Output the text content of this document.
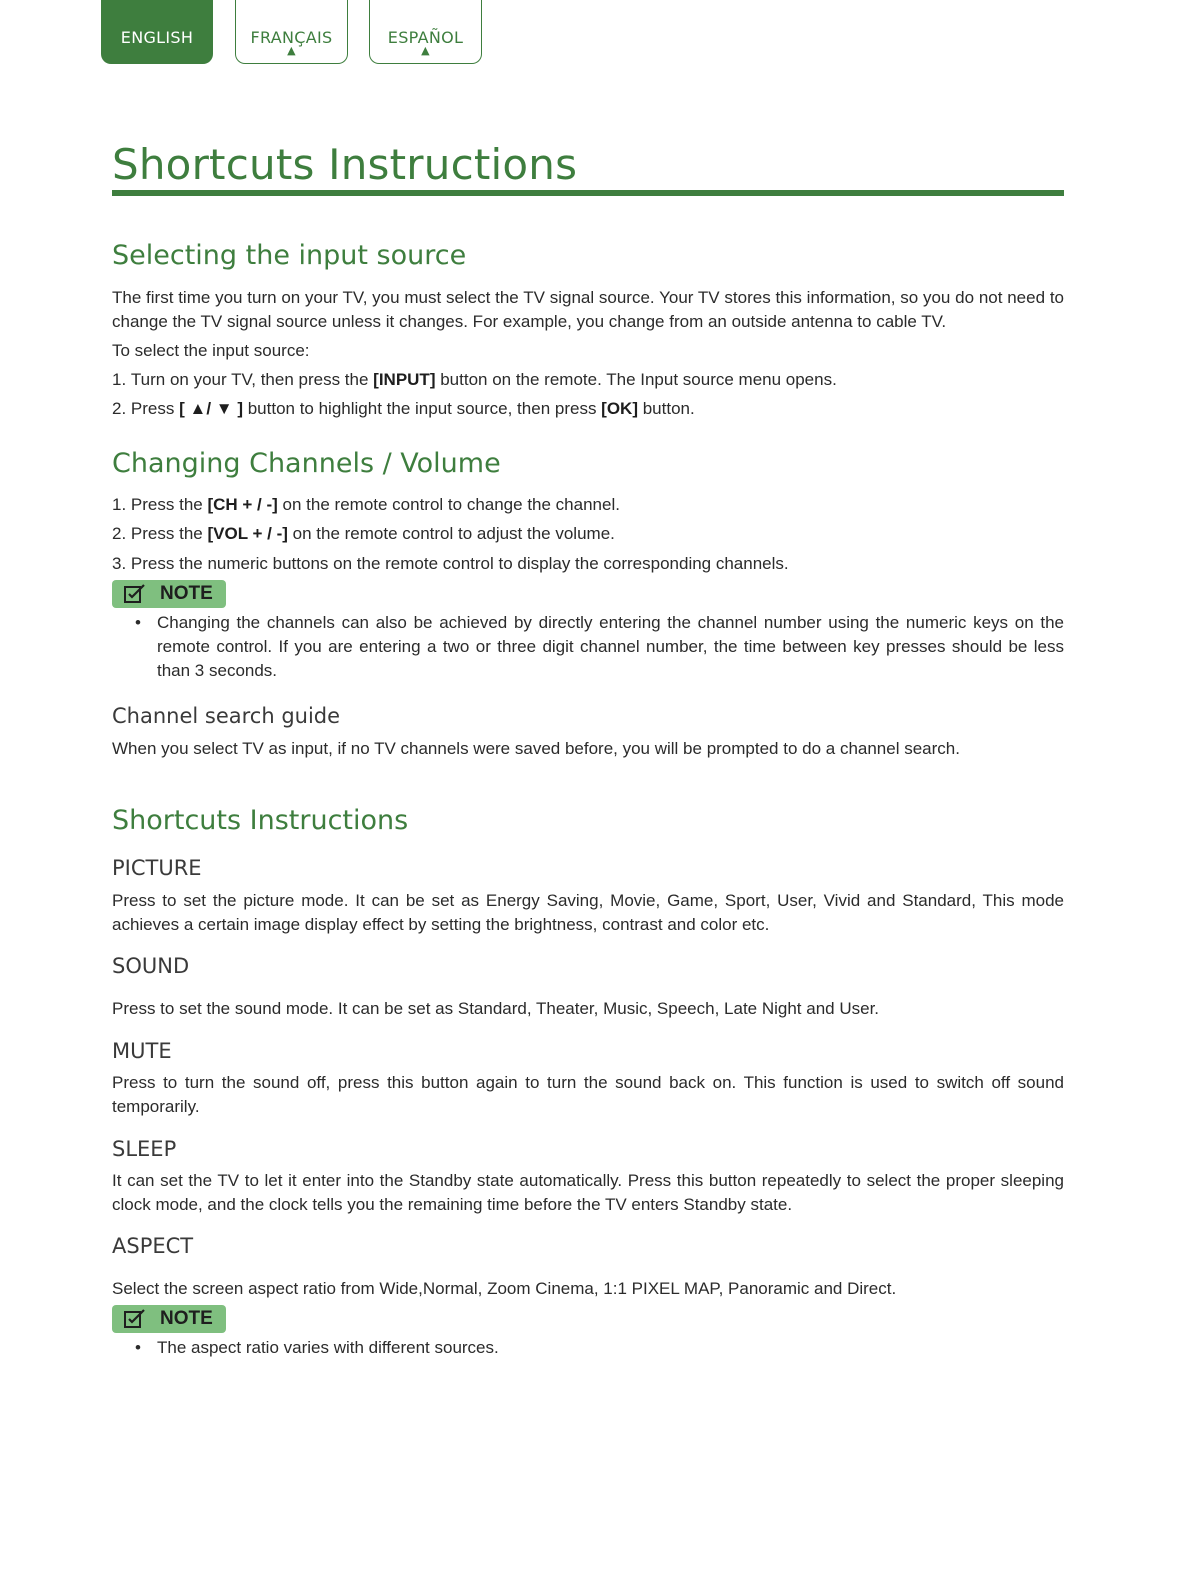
ENGLISH	FRANÇAIS
▲
ESPAÑOL
▲
Shortcuts Instructions
Selecting the input source

The first time you turn on your TV, you must select the TV signal source. Your TV stores this information, so you do not need to change the TV signal source unless it changes. For example, you change from an outside antenna to cable TV.

To select the input source:

1. Turn on your TV, then press the [INPUT] button on the remote. The Input source menu opens.
2. Press [ ▲/ ▼ ] button to highlight the input source, then press [OK] button.
Changing Channels / Volume
1. Press the [CH + / -] on the remote control to change the channel.
2. Press the [VOL + / -] on the remote control to adjust the volume.
3. Press the numeric buttons on the remote control to display the corresponding channels.
NOTE
• Changing the channels can also be achieved by directly entering the channel number using the numeric keys on the remote control. If you are entering a two or three digit channel number, the time between key presses should be less than 3 seconds.
Channel search guide

When you select TV as input, if no TV channels were saved before, you will be prompted to do a channel search.

Shortcuts Instructions
PICTURE

Press to set the picture mode. It can be set as Energy Saving, Movie, Game, Sport, User, Vivid and Standard, This mode achieves a certain image display effect by setting the brightness, contrast and color etc.

SOUND

Press to set the sound mode. It can be set as Standard, Theater, Music, Speech, Late Night and User.

MUTE

Press to turn the sound off, press this button again to turn the sound back on. This function is used to switch off sound temporarily.

SLEEP

It can set the TV to let it enter into the Standby state automatically. Press this button repeatedly to select the proper sleeping clock mode, and the clock tells you the remaining time before the TV enters Standby state.

ASPECT

Select the screen aspect ratio from Wide,Normal, Zoom Cinema, 1:1 PIXEL MAP, Panoramic and Direct.

NOTE
• The aspect ratio varies with different sources.
